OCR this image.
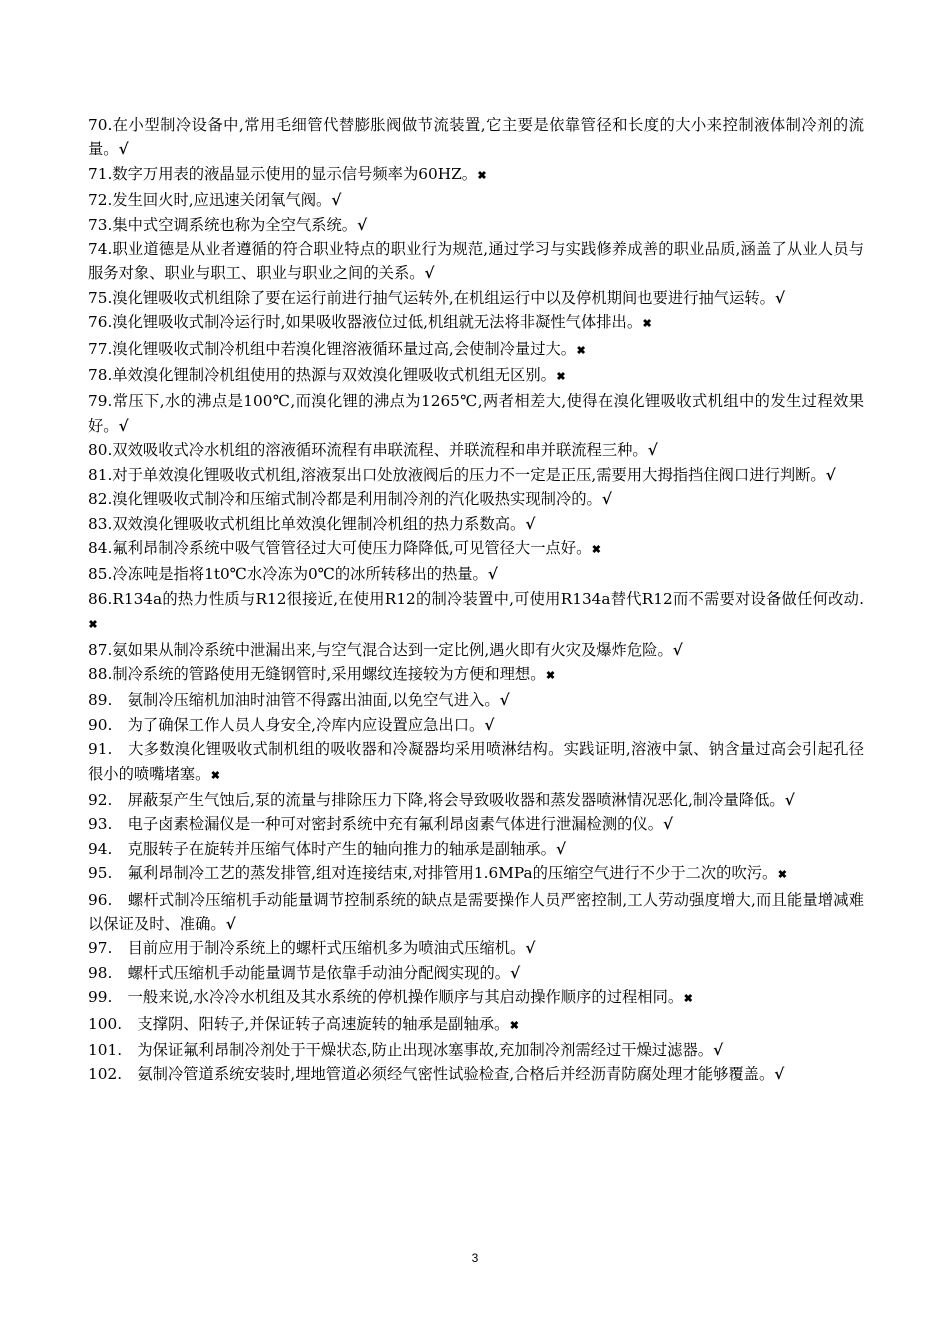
70.在小型制冷设备中,常用毛细管代替膨胀阀做节流装置,它主要是依靠管径和长度的大小来控制液体制冷剂的流量。√
71.数字万用表的液晶显示使用的显示信号频率为60HZ。✖
72.发生回火时,应迅速关闭氧气阀。√
73.集中式空调系统也称为全空气系统。√
74.职业道德是从业者遵循的符合职业特点的职业行为规范,通过学习与实践修养成善的职业品质,涵盖了从业人员与服务对象、职业与职工、职业与职业之间的关系。√
75.溴化锂吸收式机组除了要在运行前进行抽气运转外,在机组运行中以及停机期间也要进行抽气运转。√
76.溴化锂吸收式制冷运行时,如果吸收器液位过低,机组就无法将非凝性气体排出。✖
77.溴化锂吸收式制冷机组中若溴化锂溶液循环量过高,会使制冷量过大。✖
78.单效溴化锂制冷机组使用的热源与双效溴化锂吸收式机组无区别。✖
79.常压下,水的沸点是100℃,而溴化锂的沸点为1265℃,两者相差大,使得在溴化锂吸收式机组中的发生过程效果好。√
80.双效吸收式冷水机组的溶液循环流程有串联流程、并联流程和串并联流程三种。√
81.对于单效溴化锂吸收式机组,溶液泵出口处放液阀后的压力不一定是正压,需要用大拇指挡住阀口进行判断。√
82.溴化锂吸收式制冷和压缩式制冷都是利用制冷剂的汽化吸热实现制冷的。√
83.双效溴化锂吸收式机组比单效溴化锂制冷机组的热力系数高。√
84.氟利昂制冷系统中吸气管管径过大可使压力降降低,可见管径大一点好。✖
85.冷冻吨是指将1t0℃水冷冻为0℃的冰所转移出的热量。√
86.R134a的热力性质与R12很接近,在使用R12的制冷装置中,可使用R134a替代R12而不需要对设备做任何改动.✖
87.氨如果从制冷系统中泄漏出来,与空气混合达到一定比例,遇火即有火灾及爆炸危险。√
88.制冷系统的管路使用无缝钢管时,采用螺纹连接较为方便和理想。✖
89.　氨制冷压缩机加油时油管不得露出油面,以免空气进入。√
90.　为了确保工作人员人身安全,冷库内应设置应急出口。√
91.　大多数溴化锂吸收式制机组的吸收器和冷凝器均采用喷淋结构。实践证明,溶液中氯、钠含量过高会引起孔径很小的喷嘴堵塞。✖
92.　屏蔽泵产生气蚀后,泵的流量与排除压力下降,将会导致吸收器和蒸发器喷淋情况恶化,制冷量降低。√
93.　电子卤素检漏仪是一种可对密封系统中充有氟利昂卤素气体进行泄漏检测的仪。√
94.　克服转子在旋转并压缩气体时产生的轴向推力的轴承是副轴承。√
95.　氟利昂制冷工艺的蒸发排管,组对连接结束,对排管用1.6MPa的压缩空气进行不少于二次的吹污。✖
96.　螺杆式制冷压缩机手动能量调节控制系统的缺点是需要操作人员严密控制,工人劳动强度增大,而且能量增减难以保证及时、准确。√
97.　目前应用于制冷系统上的螺杆式压缩机多为喷油式压缩机。√
98.　螺杆式压缩机手动能量调节是依靠手动油分配阀实现的。√
99.　一般来说,水冷冷水机组及其水系统的停机操作顺序与其启动操作顺序的过程相同。✖
100.　支撑阴、阳转子,并保证转子高速旋转的轴承是副轴承。✖
101.　为保证氟利昂制冷剂处于干燥状态,防止出现冰塞事故,充加制冷剂需经过干燥过滤器。√
102.　氨制冷管道系统安装时,埋地管道必须经气密性试验检查,合格后并经沥青防腐处理才能够覆盖。√
3
